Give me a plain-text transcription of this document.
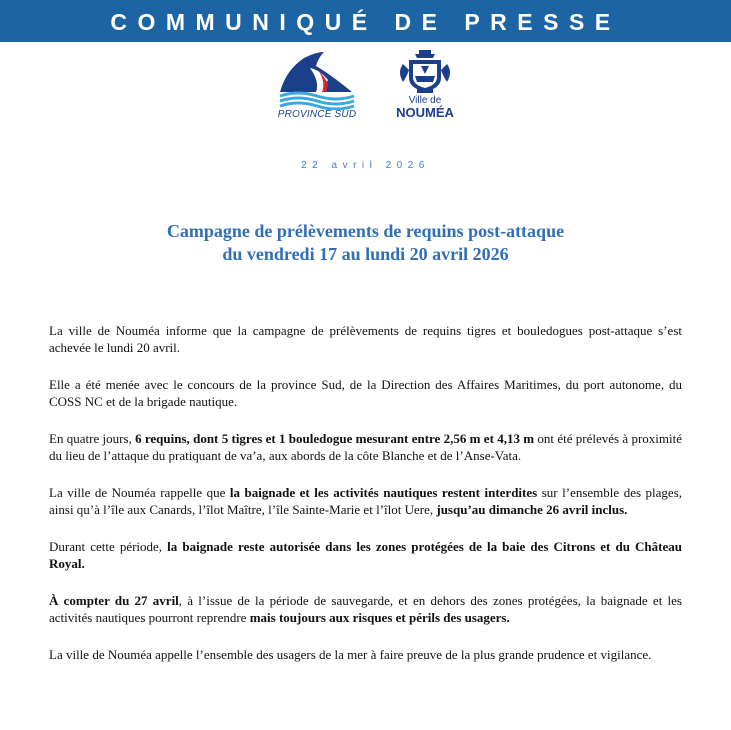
COMMUNIQUÉ DE PRESSE
PROVINCE SUD
Ville de
NOUMÉA
22 avril 2026
Campagne de prélèvements de requins post-attaque
du vendredi 17 au lundi 20 avril 2026

La ville de Nouméa informe que la campagne de prélèvements de requins tigres et bouledogues post-attaque s’est achevée le lundi 20 avril.

Elle a été menée avec le concours de la province Sud, de la Direction des Affaires Maritimes, du port autonome, du COSS NC et de la brigade nautique.

En quatre jours, 6 requins, dont 5 tigres et 1 bouledogue mesurant entre 2,56 m et 4,13 m ont été prélevés à proximité du lieu de l’attaque du pratiquant de va’a, aux abords de la côte Blanche et de l’Anse-Vata.

La ville de Nouméa rappelle que la baignade et les activités nautiques restent interdites sur l’ensemble des plages, ainsi qu’à l’île aux Canards, l’îlot Maître, l’île Sainte-Marie et l’îlot Uere, jusqu’au dimanche 26 avril inclus.

Durant cette période, la baignade reste autorisée dans les zones protégées de la baie des Citrons et du Château Royal.

À compter du 27 avril, à l’issue de la période de sauvegarde, et en dehors des zones protégées, la baignade et les activités nautiques pourront reprendre mais toujours aux risques et périls des usagers.

La ville de Nouméa appelle l’ensemble des usagers de la mer à faire preuve de la plus grande prudence et vigilance.
